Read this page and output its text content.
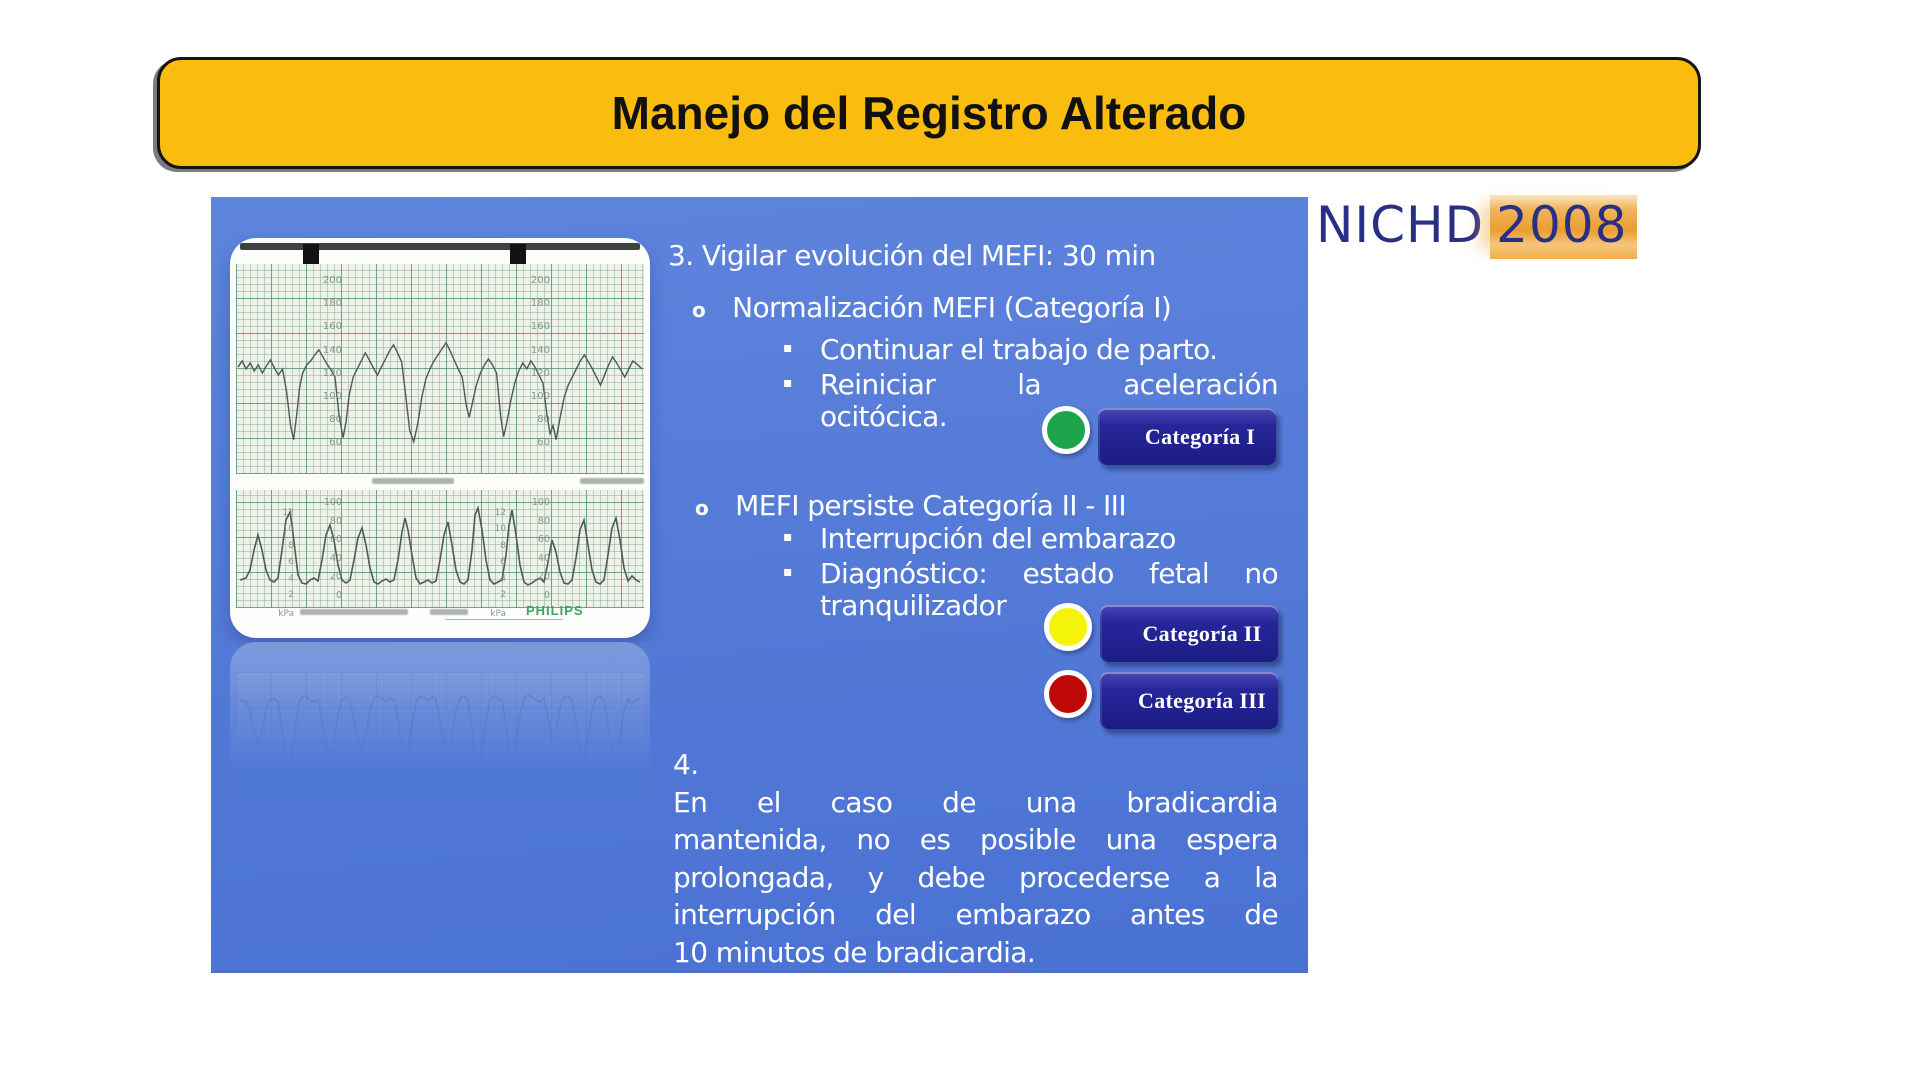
Manejo del Registro Alterado
NICHD 2008
200
180
160
140
120
100
80
60
200
180
160
140
120
100
80
60
12
10
8
6
4
2
kPa
12
10
8
6
4
2
kPa
100
80
60
40
20
0
100
80
60
40
20
0
PHILIPS
3. Vigilar evolución del MEFI: 30 min
o Normalización MEFI (Categoría I)
▪ Continuar el trabajo de parto.
▪ Reiniciar la aceleración
ocitócica.
Categoría I
o MEFI persiste Categoría II - III
▪ Interrupción del embarazo
▪ Diagnóstico: estado fetal no
tranquilizador
Categoría II
Categoría III
4.
En el caso de una bradicardia
mantenida, no es posible una espera
prolongada, y debe procederse a la
interrupción del embarazo antes de
10 minutos de bradicardia.
